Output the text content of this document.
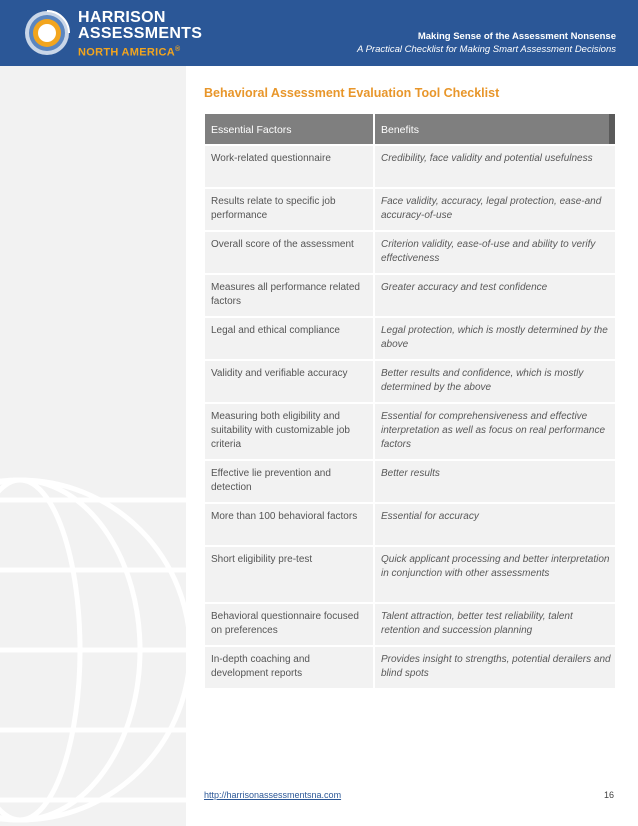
HARRISON
ASSESSMENTS
NORTH AMERICA®
Making Sense of the Assessment Nonsense
A Practical Checklist for Making Smart Assessment Decisions
Behavioral Assessment Evaluation Tool Checklist
Essential Factors	Benefits
Work-related questionnaire	Credibility, face validity and potential usefulness
Results relate to specific job performance	Face validity, accuracy, legal protection, ease-and accuracy-of-use
Overall score of the assessment	Criterion validity, ease-of-use and ability to verify effectiveness
Measures all performance related factors	Greater accuracy and test confidence
Legal and ethical compliance	Legal protection, which is mostly determined by the above
Validity and verifiable accuracy	Better results and confidence, which is mostly determined by the above
Measuring both eligibility and suitability with customizable job criteria	Essential for comprehensiveness and effective interpretation as well as focus on real performance factors
Effective lie prevention and detection	Better results
More than 100 behavioral factors	Essential for accuracy
Short eligibility pre-test	Quick applicant processing and better interpretation in conjunction with other assessments
Behavioral questionnaire focused on preferences	Talent attraction, better test reliability, talent retention and succession planning
In-depth coaching and development reports	Provides insight to strengths, potential derailers and blind spots
http://harrisonassessmentsna.com	16
